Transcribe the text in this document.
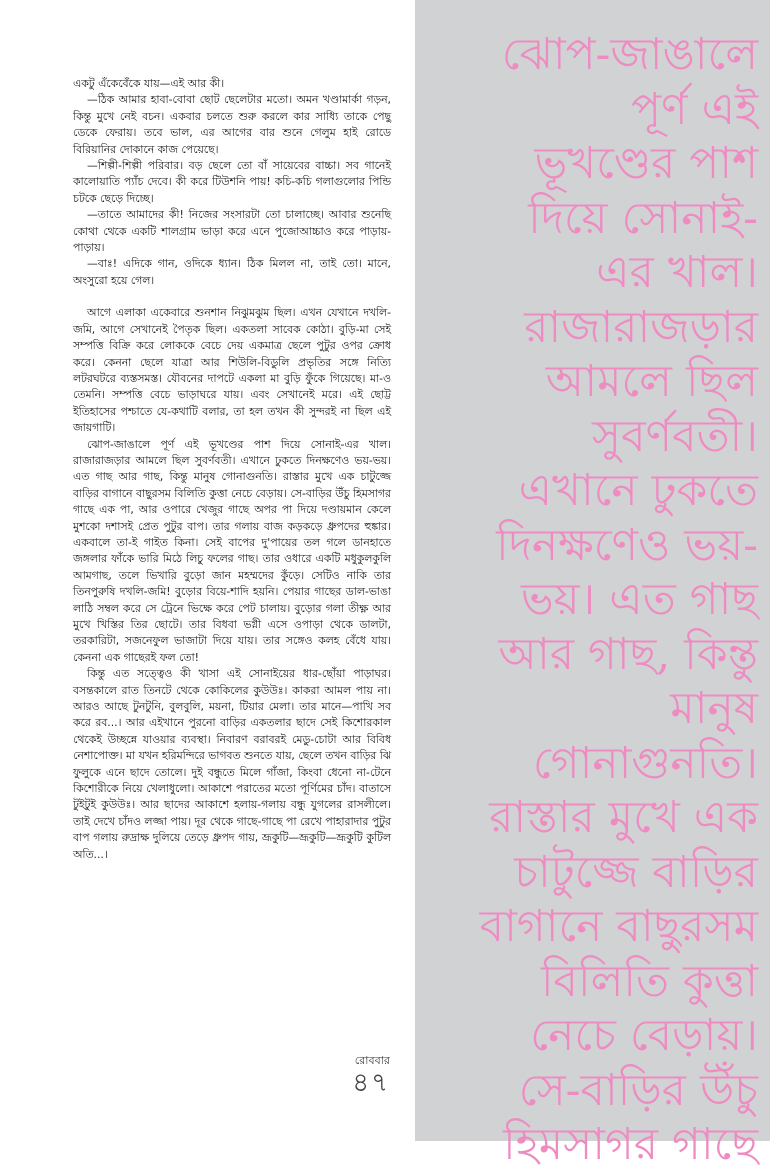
একটু এঁকেবেঁকে যায়—এই আর কী।

—ঠিক আমার হাবা-বোবা ছোট ছেলেটার মতো। অমন খণ্ডামার্কা গড়ন, কিন্তু মুখে নেই বচন। একবার চলতে শুরু করলে কার সাধ্যি তাকে পেছু ডেকে ফেরায়। তবে ভাল, এর আগের বার শুনে গেলুম হাই রোডে বিরিয়ানির দোকানে কাজ পেয়েছে।

—শিল্পী-শিল্পী পরিবার। বড় ছেলে তো বাঁ সায়েবের বাচ্চা। সব গানেই কালোয়াতি প্যাঁচ দেবে। কী করে টিউশনি পায়! কচি-কচি গলাগুলোর পিন্ডি চটকে ছেড়ে দিচ্ছে।

—তাতে আমাদের কী! নিজের সংসারটা তো চালাচ্ছে। আবার শুনেছি কোথা থেকে একটি শালগ্রাম ভাড়া করে এনে পুজোআচ্চাও করে পাড়ায়-পাড়ায়।

—বাঃ! এদিকে গান, ওদিকে ধ্যান। ঠিক মিলল না, তাই তো। মানে, অংসুরো হয়ে গেল।

আগে এলাকা একেবারে শুনশান নিঝুমঝুম ছিল। এখন যেখানে দখলি-জমি, আগে সেখানেই পৈতৃক ছিল। একতলা সাবেক কোঠা। বুড়ি-মা সেই সম্পত্তি বিক্রি করে লোককে বেচে দেয় একমাত্র ছেলে পুটুর ওপর ক্রোধ করে। কেননা ছেলে যাত্রা আর শিউলি-বিডুলি প্রভৃতির সঙ্গে নিত্যি লটরঘটরে ব্যস্তসমস্ত। যৌবনের দাপটে একলা মা বুড়ি ফুঁকে গিয়েছে। মা-ও তেমনি। সম্পত্তি বেচে ভাড়াঘরে যায়। এবং সেখানেই মরে। এই ছোট্ট ইতিহাসের পশ্চাতে যে-কথাটি বলার, তা হল তখন কী সুন্দরই না ছিল এই জায়গাটি।

ঝোপ-জাঙালে পূর্ণ এই ভূখণ্ডের পাশ দিয়ে সোনাই-এর খাল। রাজারাজড়ার আমলে ছিল সুবর্ণবতী। এখানে ঢুকতে দিনক্ষণেও ভয়-ভয়। এত গাছ আর গাছ, কিন্তু মানুষ গোনাগুনতি। রাস্তার মুখে এক চাটুজ্জে বাড়ির বাগানে বাছুরসম বিলিতি কুত্তা নেচে বেড়ায়। সে-বাড়ির উঁচু হিমসাগর গাছে এক পা, আর ওপারে খেজুর গাছে অপর পা দিয়ে দণ্ডায়মান কেলে মুশকো দশাসই প্রেত পুটুর বাপ। তার গলায় বাজ কড়কড়ে ধ্রুপদের হুঙ্কার। একবালে তা-ই গাইত কিনা। সেই বাপের দু'পায়ের তল গলে ডানহাতে জঙ্গলার ফাঁকে ভারি মিঠে লিচু ফলের গাছ। তার ওধারে একটি মধুকুলকুলি আমগাছ, তলে ভিখারি বুড়ো জান মহম্মদের কুঁড়ে। সেটিও নাকি তার তিনপুরুষি দখলি-জমি! বুড়োর বিয়ে-শাদি হয়নি। পেয়ার গাছের ডাল-ভাঙা লাঠি সম্বল করে সে ট্রেনে ভিক্ষে করে পেট চালায়। বুড়োর গলা তীক্ষ্ণ আর মুখে খিস্তির তির ছোটে। তার বিধবা ভগ্নী এসে ওপাড়া থেকে ডালটা, তরকারিটা, সজনেফুল ভাজাটা দিয়ে যায়। তার সঙ্গেও কলহ বেঁধে যায়। কেননা এক গাছেরই ফল তো!

কিন্তু এত সত্ত্বেও কী খাসা এই সোনাইয়ের ধার-ছোঁয়া পাড়াঘর। বসন্তকালে রাত তিনটে থেকে কোকিলের কুউউঃ। কাকরা আমল পায় না। আরও আছে টুনটুনি, বুলবুলি, ময়না, টিয়ার মেলা। তার মানে—পাখি সব করে রব...। আর এইখানে পুরনো বাড়ির একতলার ছাদে সেই কিশোরকাল থেকেই উচ্ছন্নে যাওয়ার ব্যবস্থা। নিবারণ বরাবরই মেডু-চোটা আর বিবিধ নেশাপোক্ত। মা যখন হরিমন্দিরে ভাগবত শুনতে যায়, ছেলে তখন বাড়ির ঝি ফুলুকে এনে ছাদে তোলে। দুই বন্ধুতে মিলে গাঁজা, কিংবা ধেনো না-টেনে কিশোরীকে নিয়ে খেলাধুলো। আকাশে পরাতের মতো পূর্ণিমের চাঁদ। বাতাসে টুইটুই কুউউঃ। আর ছাদের আকাশে হলায়-গলায় বন্ধু যুগলের রাসলীলে। তাই দেখে চাঁদও লজ্জা পায়। দূর থেকে গাছে-গাছে পা রেখে পাহারাদার পুটুর বাপ গলায় রুদ্রাক্ষ দুলিয়ে তেড়ে ধ্রুপদ গায়, ভ্রূকুটি—ভ্রূকুটি—ভ্রূকুটি কুটিল অতি...।

রোববার
৪৭
ঝোপ-জাঙালে
পূর্ণ এই
ভূখণ্ডের পাশ
দিয়ে সোনাই-
এর খাল।
রাজারাজড়ার
আমলে ছিল
সুবর্ণবতী।
এখানে ঢুকতে
দিনক্ষণেও ভয়-
ভয়। এত গাছ
আর গাছ, কিন্তু
মানুষ
গোনাগুনতি।
রাস্তার মুখে এক
চাটুজ্জে বাড়ির
বাগানে বাছুরসম
বিলিতি কুত্তা
নেচে বেড়ায়।
সে-বাড়ির উঁচু
হিমসাগর গাছে
